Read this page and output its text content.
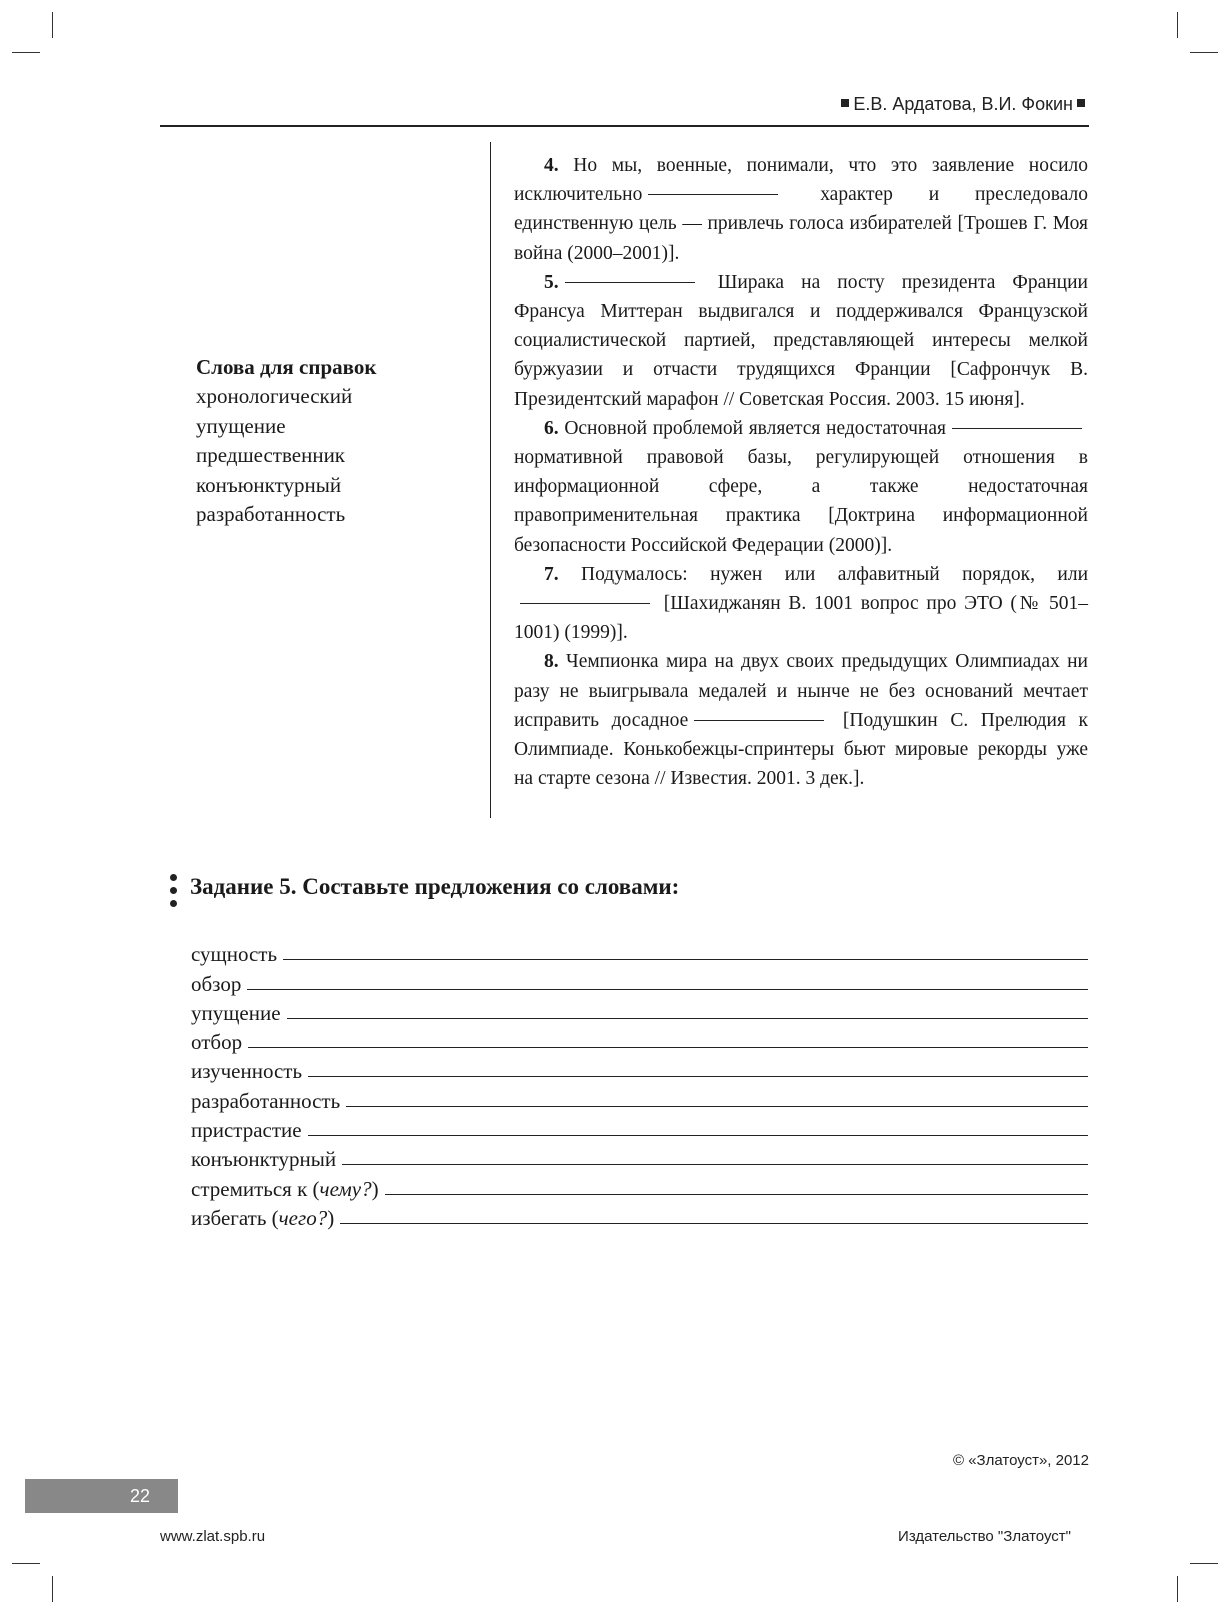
Е.В. Ардатова, В.И. Фокин
Слова для справок
хронологический
упущение
предшественник
конъюнктурный
разработанность

4. Но мы, военные, понимали, что это заявление носило исключительно	характер и преследовало единственную цель — привлечь голоса избирателей [Трошев Г. Моя война (2000–2001)].

5.	Ширака на посту президента Франции Франсуа Миттеран выдвигался и поддерживался Французской социалистической партией, представляющей интересы мелкой буржуазии и отчасти трудящихся Франции [Сафрончук В. Президентский марафон // Советская Россия. 2003. 15 июня].

6. Основной проблемой является недостаточная нормативной правовой базы, регулирующей отношения в информационной сфере, а также недостаточная правоприменительная практика [Доктрина информационной безопасности Российской Федерации (2000)].

7. Подумалось: нужен или алфавитный порядок, или [Шахиджанян В. 1001 вопрос про ЭТО (№ 501–1001) (1999)].

8. Чемпионка мира на двух своих предыдущих Олимпиадах ни разу не выигрывала медалей и нынче не без оснований мечтает исправить досадное	[Подушкин С. Прелюдия к Олимпиаде. Конькобежцы-спринтеры бьют мировые рекорды уже на старте сезона // Известия. 2001. 3 дек.].

Задание 5. Составьте предложения со словами:
сущность
обзор
упущение
отбор
изученность
разработанность
пристрастие
конъюнктурный
стремиться к (чему?)
избегать (чего?)
© «Златоуст», 2012
22
www.zlat.spb.ru	Издательство "Златоуст"
